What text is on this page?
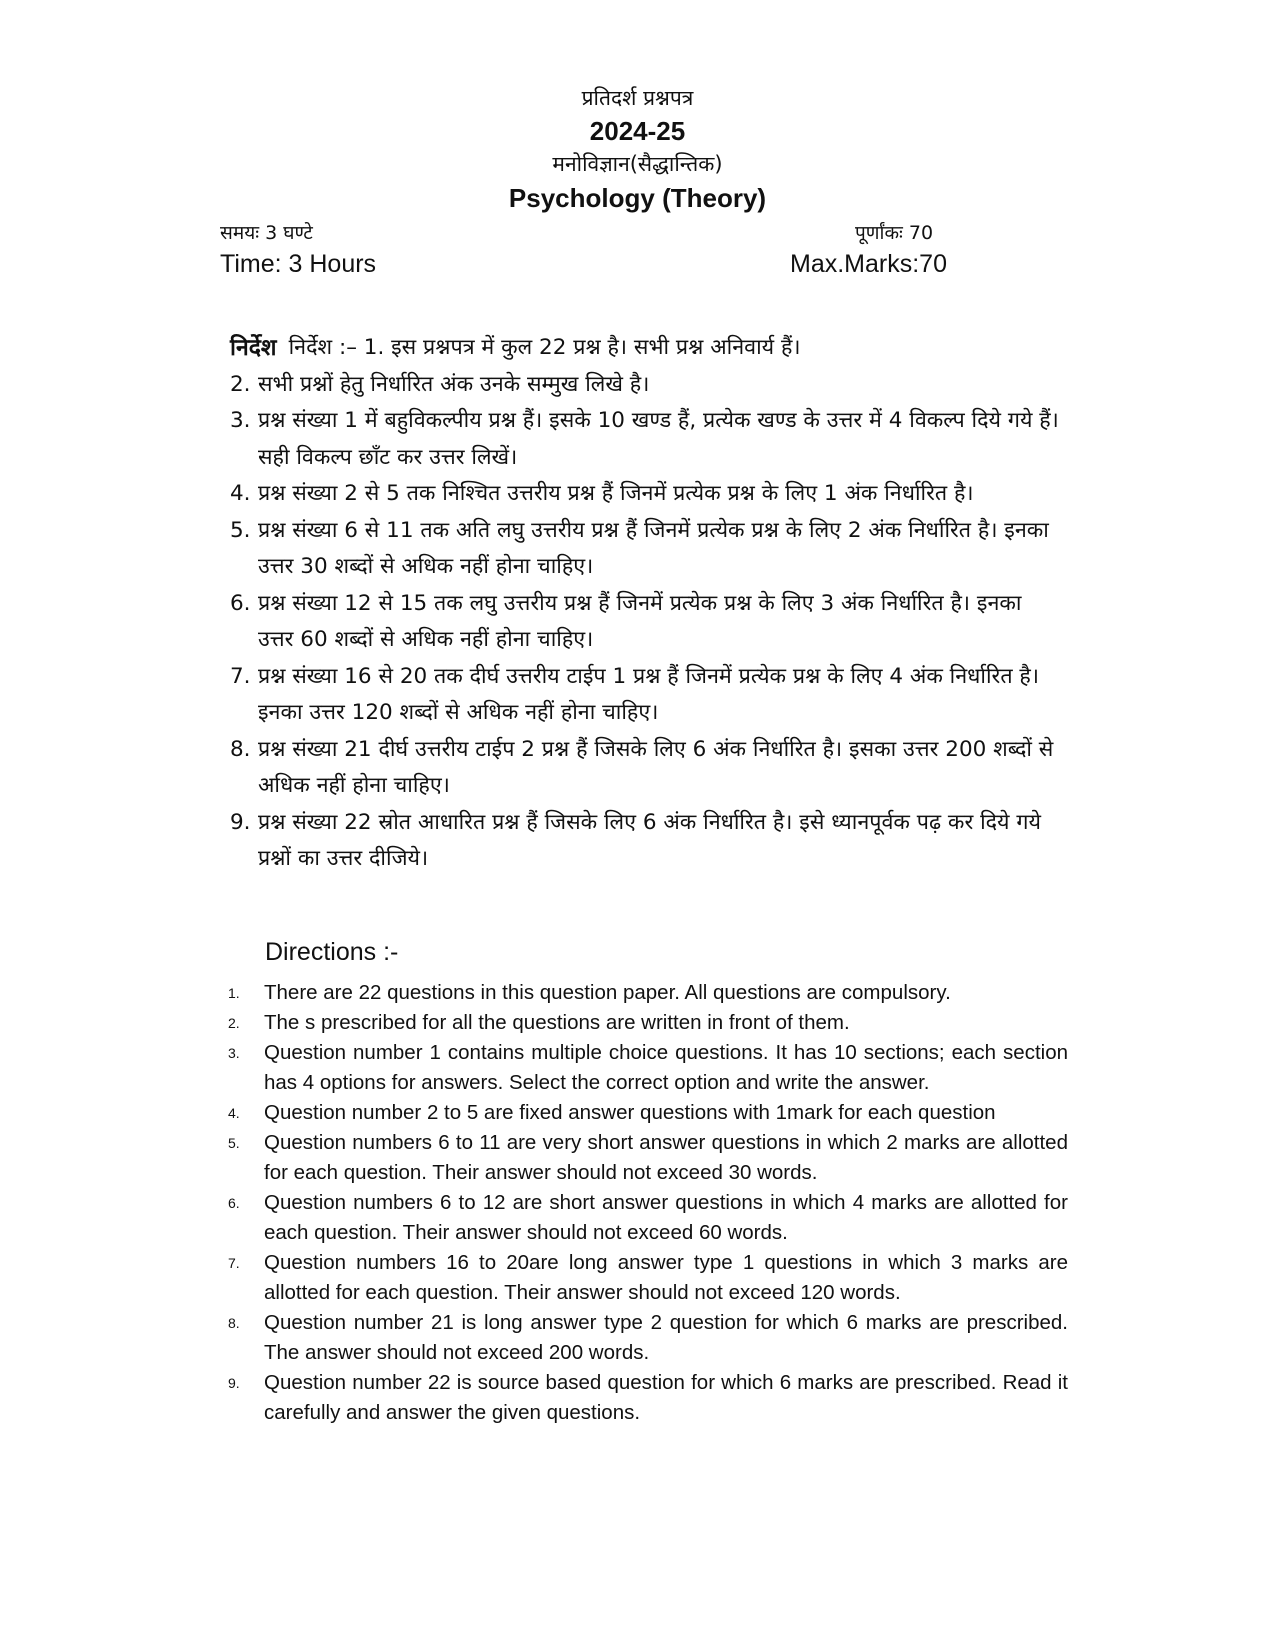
प्रतिदर्श प्रश्नपत्र
2024-25
मनोविज्ञान(सैद्धान्तिक)
Psychology (Theory)
समयः 3 घण्टे	पूर्णांकः 70
Time: 3 Hours	Max.Marks:70
निर्देश निर्देश :– 1. इस प्रश्नपत्र में कुल 22 प्रश्न है। सभी प्रश्न अनिवार्य हैं।
2. सभी प्रश्नों हेतु निर्धारित अंक उनके सम्मुख लिखे है।
3. प्रश्न संख्या 1 में बहुविकल्पीय प्रश्न हैं। इसके 10 खण्ड हैं, प्रत्येक खण्ड के उत्तर में 4 विकल्प दिये गये हैं। सही विकल्प छाँट कर उत्तर लिखें।
4. प्रश्न संख्या 2 से 5 तक निश्चित उत्तरीय प्रश्न हैं जिनमें प्रत्येक प्रश्न के लिए 1 अंक निर्धारित है।
5. प्रश्न संख्या 6 से 11 तक अति लघु उत्तरीय प्रश्न हैं जिनमें प्रत्येक प्रश्न के लिए 2 अंक निर्धारित है। इनका उत्तर 30 शब्दों से अधिक नहीं होना चाहिए।
6. प्रश्न संख्या 12 से 15 तक लघु उत्तरीय प्रश्न हैं जिनमें प्रत्येक प्रश्न के लिए 3 अंक निर्धारित है। इनका उत्तर 60 शब्दों से अधिक नहीं होना चाहिए।
7. प्रश्न संख्या 16 से 20 तक दीर्घ उत्तरीय टाईप 1 प्रश्न हैं जिनमें प्रत्येक प्रश्न के लिए 4 अंक निर्धारित है। इनका उत्तर 120 शब्दों से अधिक नहीं होना चाहिए।
8. प्रश्न संख्या 21 दीर्घ उत्तरीय टाईप 2 प्रश्न हैं जिसके लिए 6 अंक निर्धारित है। इसका उत्तर 200 शब्दों से अधिक नहीं होना चाहिए।
9. प्रश्न संख्या 22 स्रोत आधारित प्रश्न हैं जिसके लिए 6 अंक निर्धारित है। इसे ध्यानपूर्वक पढ़ कर दिये गये प्रश्नों का उत्तर दीजिये।
Directions :-
1.	There are 22 questions in this question paper. All questions are compulsory.
2.	The s prescribed for all the questions are written in front of them.
3.	Question number 1 contains multiple choice questions. It has 10 sections; each section has 4 options for answers. Select the correct option and write the answer.
4.	Question number 2 to 5 are fixed answer questions with 1mark for each question
5.	Question numbers 6 to 11 are very short answer questions in which 2 marks are allotted for each question. Their answer should not exceed 30 words.
6.	Question numbers 6 to 12 are short answer questions in which 4 marks are allotted for each question. Their answer should not exceed 60 words.
7.	Question numbers 16 to 20are long answer type 1 questions in which 3 marks are allotted for each question. Their answer should not exceed 120 words.
8.	Question number 21 is long answer type 2 question for which 6 marks are prescribed. The answer should not exceed 200 words.
9.	Question number 22 is source based question for which 6 marks are prescribed. Read it carefully and answer the given questions.
